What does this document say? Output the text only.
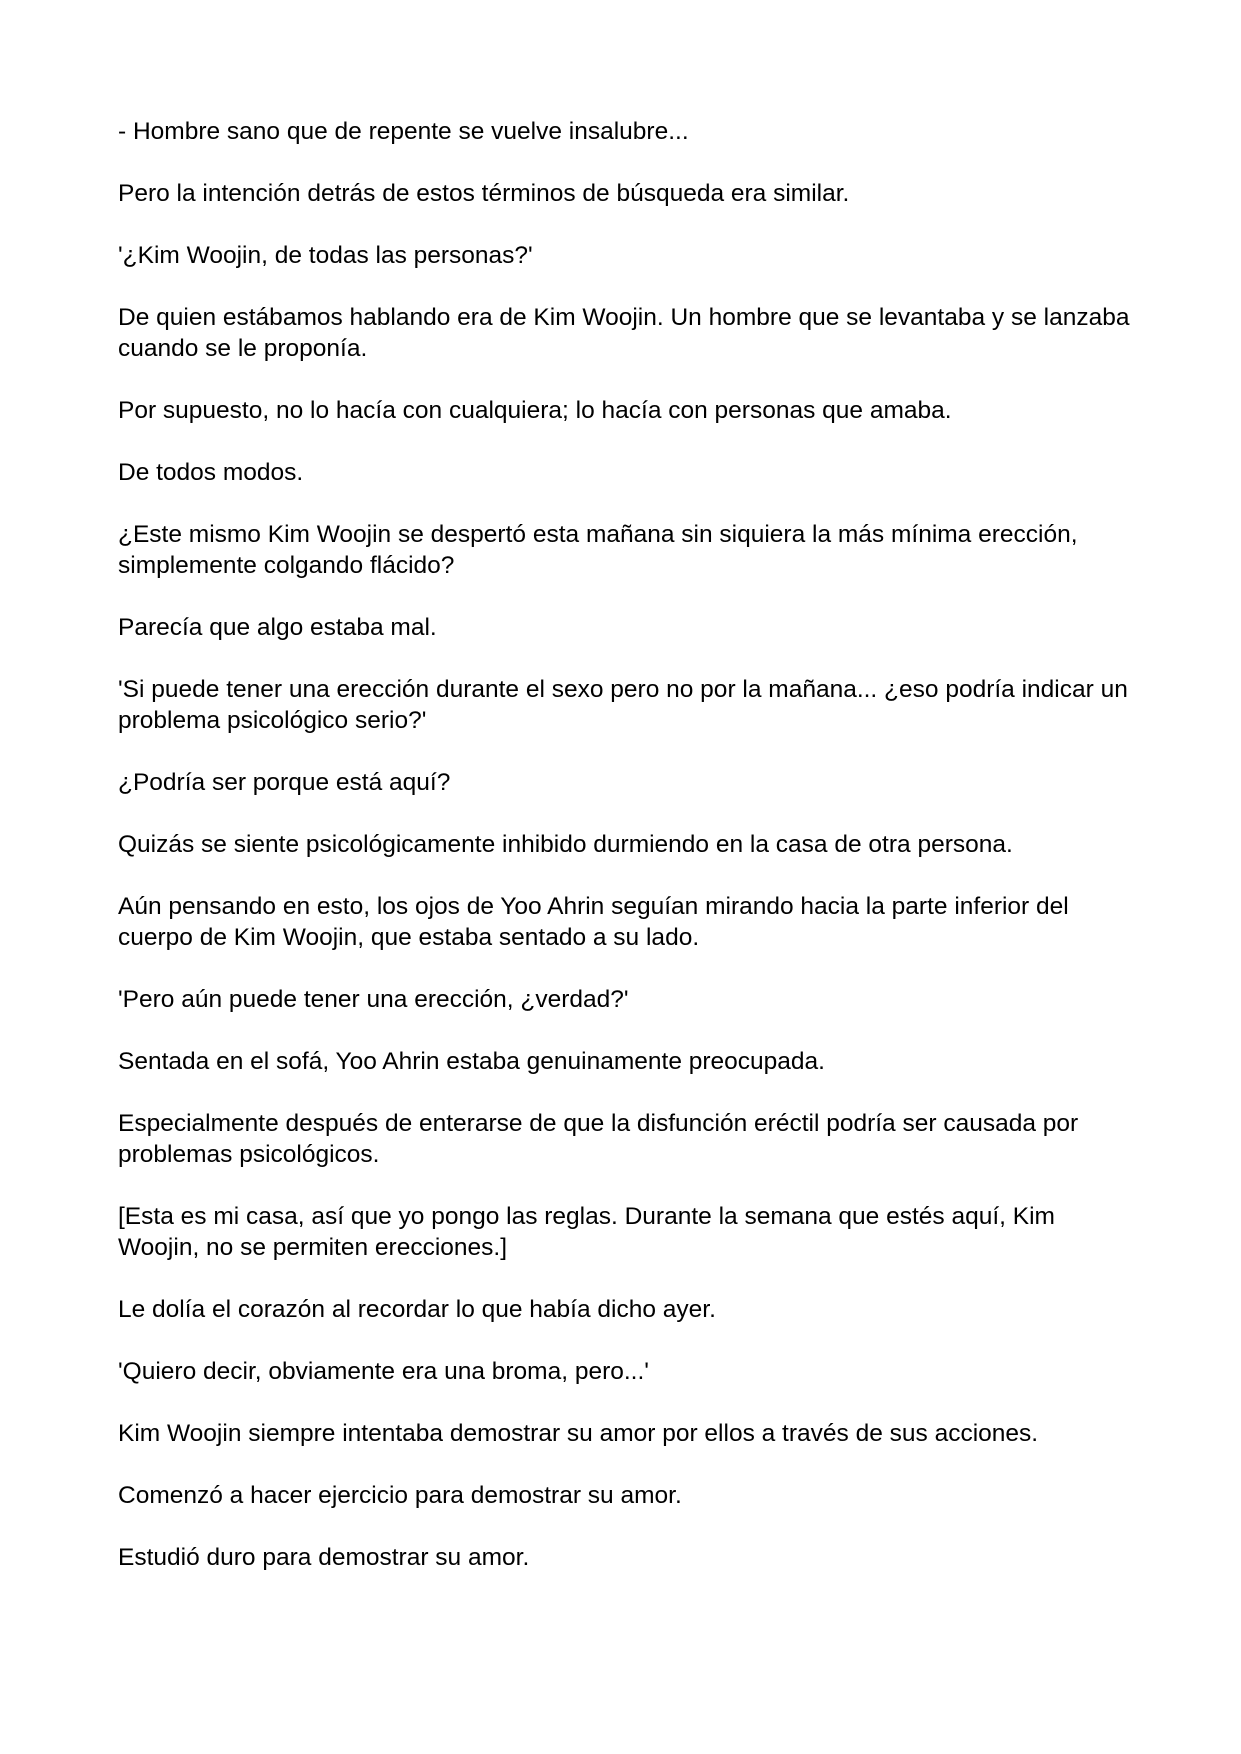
- Hombre sano que de repente se vuelve insalubre...

Pero la intención detrás de estos términos de búsqueda era similar.

'¿Kim Woojin, de todas las personas?'

De quien estábamos hablando era de Kim Woojin. Un hombre que se levantaba y se lanzaba cuando se le proponía.

Por supuesto, no lo hacía con cualquiera; lo hacía con personas que amaba.

De todos modos.

¿Este mismo Kim Woojin se despertó esta mañana sin siquiera la más mínima erección, simplemente colgando flácido?

Parecía que algo estaba mal.

'Si puede tener una erección durante el sexo pero no por la mañana... ¿eso podría indicar un problema psicológico serio?'

¿Podría ser porque está aquí?

Quizás se siente psicológicamente inhibido durmiendo en la casa de otra persona.

Aún pensando en esto, los ojos de Yoo Ahrin seguían mirando hacia la parte inferior del cuerpo de Kim Woojin, que estaba sentado a su lado.

'Pero aún puede tener una erección, ¿verdad?'

Sentada en el sofá, Yoo Ahrin estaba genuinamente preocupada.

Especialmente después de enterarse de que la disfunción eréctil podría ser causada por problemas psicológicos.

[Esta es mi casa, así que yo pongo las reglas. Durante la semana que estés aquí, Kim Woojin, no se permiten erecciones.]

Le dolía el corazón al recordar lo que había dicho ayer.

'Quiero decir, obviamente era una broma, pero...'

Kim Woojin siempre intentaba demostrar su amor por ellos a través de sus acciones.

Comenzó a hacer ejercicio para demostrar su amor.

Estudió duro para demostrar su amor.
